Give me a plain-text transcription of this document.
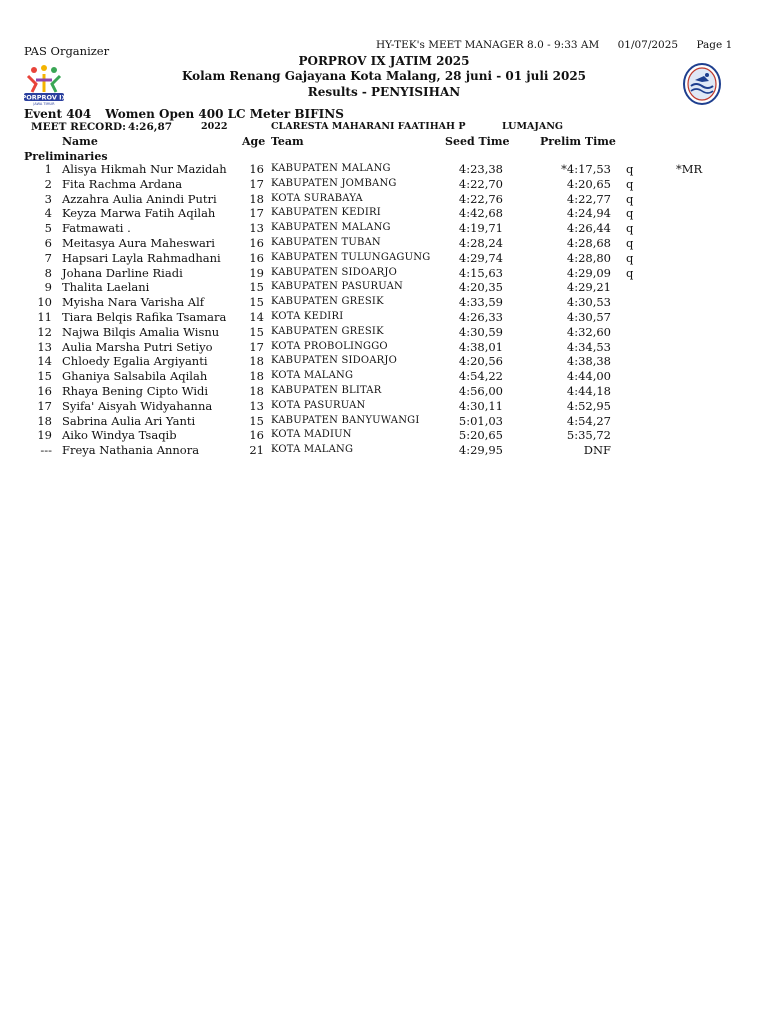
PAS Organizer	HY-TEK's MEET MANAGER 8.0 - 9:33 AM 01/07/2025 Page 1
PORPROV IX JATIM 2025
Kolam Renang Gajayana Kota Malang, 28 juni - 01 juli 2025
Results - PENYISIHAN
PORPROV IX
JAWA TIMUR
Event 404 Women Open 400 LC Meter BIFINS
MEET RECORD: 4:26,87	2022	CLARESTA MAHARANI FAATIHAH P	LUMAJANG
Name	Age Team	Seed Time	Prelim Time
Preliminaries
1 Alisya Hikmah Nur Mazidah	16 KABUPATEN MALANG	4:23,38	*4:17,53 q	*MR
2 Fita Rachma Ardana	17 KABUPATEN JOMBANG	4:22,70	4:20,65 q
3 Azzahra Aulia Anindi Putri	18 KOTA SURABAYA	4:22,76	4:22,77 q
4 Keyza Marwa Fatih Aqilah	17 KABUPATEN KEDIRI	4:42,68	4:24,94 q
5 Fatmawati .	13 KABUPATEN MALANG	4:19,71	4:26,44 q
6 Meitasya Aura Maheswari	16 KABUPATEN TUBAN	4:28,24	4:28,68 q
7 Hapsari Layla Rahmadhani	16 KABUPATEN TULUNGAGUNG	4:29,74	4:28,80 q
8 Johana Darline Riadi	19 KABUPATEN SIDOARJO	4:15,63	4:29,09 q
9 Thalita Laelani	15 KABUPATEN PASURUAN	4:20,35	4:29,21
10 Myisha Nara Varisha Alf	15 KABUPATEN GRESIK	4:33,59	4:30,53
11 Tiara Belqis Rafika Tsamara	14 KOTA KEDIRI	4:26,33	4:30,57
12 Najwa Bilqis Amalia Wisnu	15 KABUPATEN GRESIK	4:30,59	4:32,60
13 Aulia Marsha Putri Setiyo	17 KOTA PROBOLINGGO	4:38,01	4:34,53
14 Chloedy Egalia Argiyanti	18 KABUPATEN SIDOARJO	4:20,56	4:38,38
15 Ghaniya Salsabila Aqilah	18 KOTA MALANG	4:54,22	4:44,00
16 Rhaya Bening Cipto Widi	18 KABUPATEN BLITAR	4:56,00	4:44,18
17 Syifa' Aisyah Widyahanna	13 KOTA PASURUAN	4:30,11	4:52,95
18 Sabrina Aulia Ari Yanti	15 KABUPATEN BANYUWANGI	5:01,03	4:54,27
19 Aiko Windya Tsaqib	16 KOTA MADIUN	5:20,65	5:35,72
--- Freya Nathania Annora	21 KOTA MALANG	4:29,95	DNF
